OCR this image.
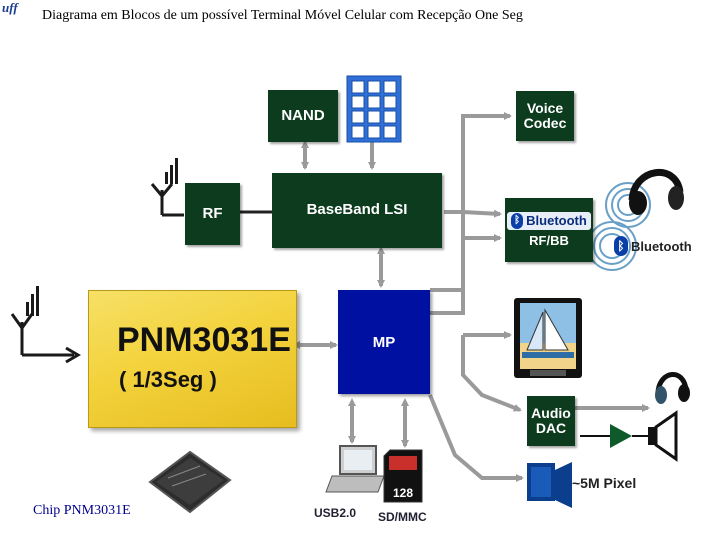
uff
Diagrama em Blocos de um possível Terminal Móvel Celular com Recepção One Seg
NAND	Voice
Codec
RF	BaseBand LSI
ᛒ Bluetooth
RF/BB	ᛒ Bluetooth
PNM3031E
( 1/3Seg )
MP
Audio
DAC
~5M Pixel
USB2.0
128
SD/MMC
Chip PNM3031E
